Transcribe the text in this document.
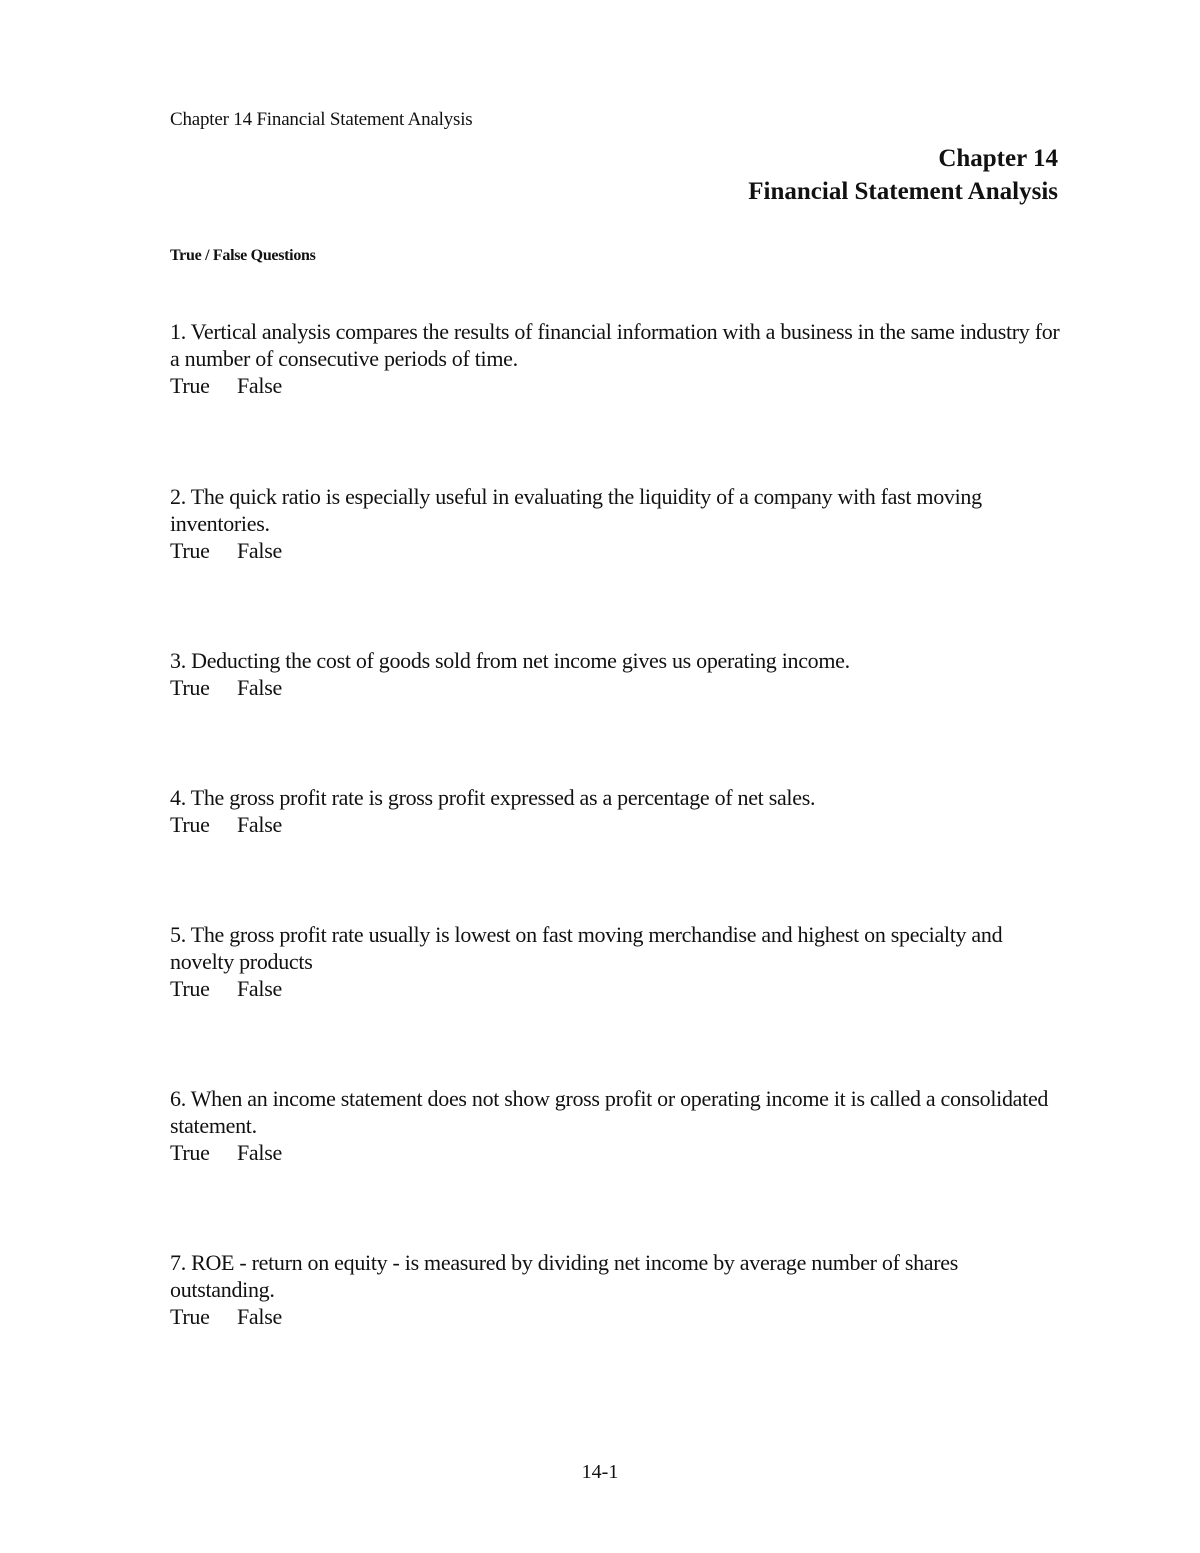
Chapter 14 Financial Statement Analysis
Chapter 14
Financial Statement Analysis
True / False Questions
1. Vertical analysis compares the results of financial information with a business in the same industry for a number of consecutive periods of time.
True	False
2. The quick ratio is especially useful in evaluating the liquidity of a company with fast moving inventories.
True	False
3. Deducting the cost of goods sold from net income gives us operating income.
True	False
4. The gross profit rate is gross profit expressed as a percentage of net sales.
True	False
5. The gross profit rate usually is lowest on fast moving merchandise and highest on specialty and novelty products
True	False
6. When an income statement does not show gross profit or operating income it is called a consolidated statement.
True	False
7. ROE - return on equity - is measured by dividing net income by average number of shares outstanding.
True	False
14-1
